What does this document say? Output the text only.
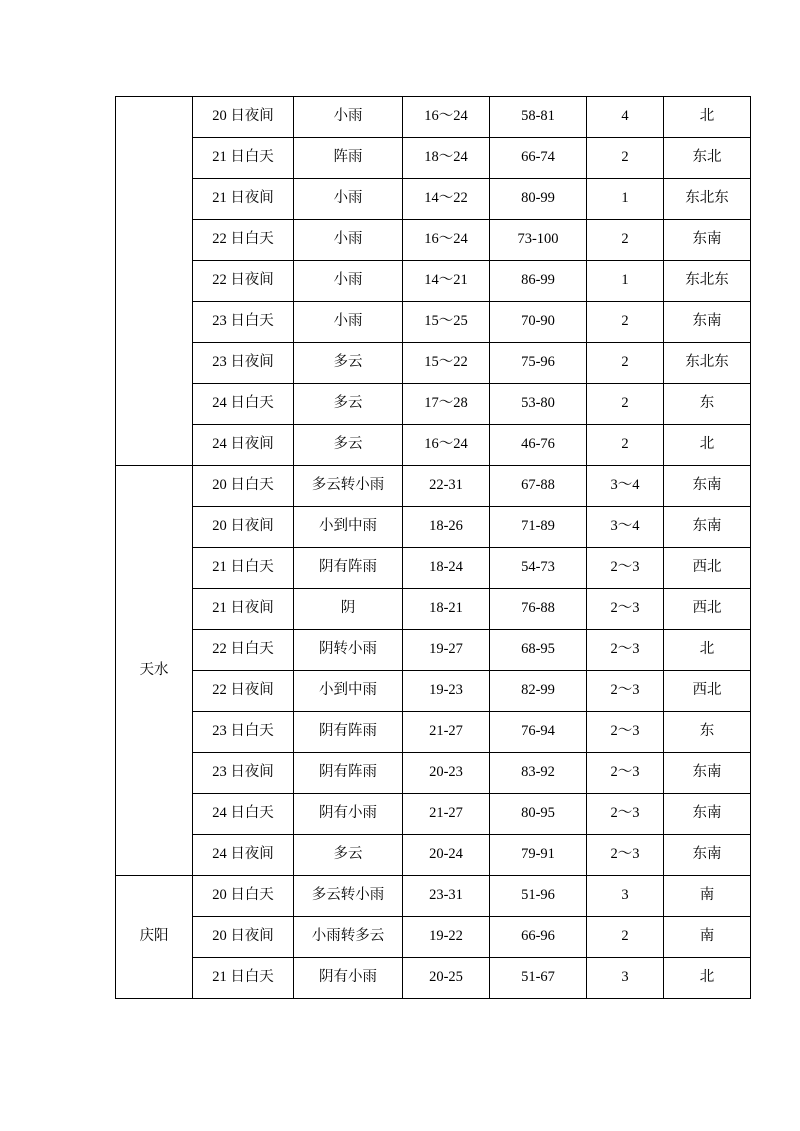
	20 日夜间	小雨	16～24	58-81	4	北
	21 日白天	阵雨	18～24	66-74	2	东北
	21 日夜间	小雨	14～22	80-99	1	东北东
	22 日白天	小雨	16～24	73-100	2	东南
	22 日夜间	小雨	14～21	86-99	1	东北东
	23 日白天	小雨	15～25	70-90	2	东南
	23 日夜间	多云	15～22	75-96	2	东北东
	24 日白天	多云	17～28	53-80	2	东
	24 日夜间	多云	16～24	46-76	2	北
天水	20 日白天	多云转小雨	22-31	67-88	3～4	东南
	20 日夜间	小到中雨	18-26	71-89	3～4	东南
	21 日白天	阴有阵雨	18-24	54-73	2～3	西北
	21 日夜间	阴	18-21	76-88	2～3	西北
	22 日白天	阴转小雨	19-27	68-95	2～3	北
	22 日夜间	小到中雨	19-23	82-99	2～3	西北
	23 日白天	阴有阵雨	21-27	76-94	2～3	东
	23 日夜间	阴有阵雨	20-23	83-92	2～3	东南
	24 日白天	阴有小雨	21-27	80-95	2～3	东南
	24 日夜间	多云	20-24	79-91	2～3	东南
庆阳	20 日白天	多云转小雨	23-31	51-96	3	南
	20 日夜间	小雨转多云	19-22	66-96	2	南
	21 日白天	阴有小雨	20-25	51-67	3	北
